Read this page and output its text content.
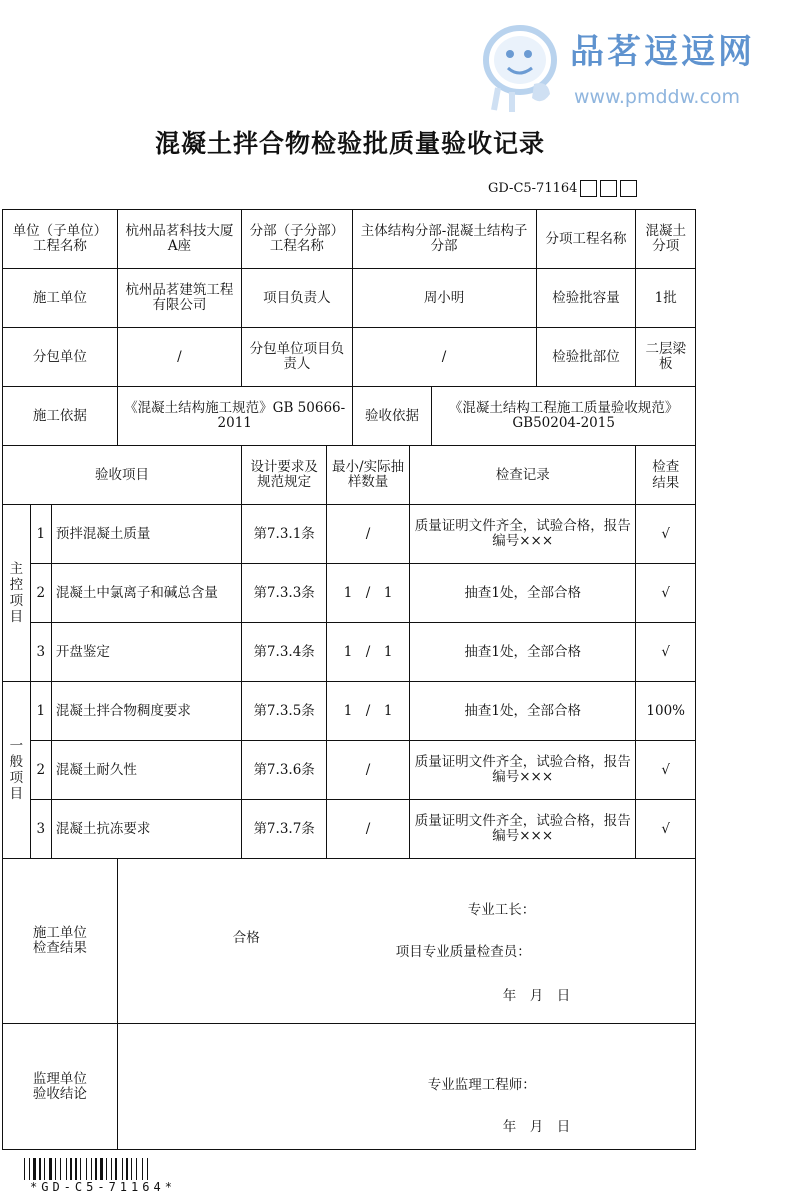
品茗逗逗网
www.pmddw.com
混凝土拌合物检验批质量验收记录
GD-C5-71164
单位（子单位）工程名称			杭州品茗科技大厦A座	分部（子分部）工程名称		主体结构分部-混凝土结构子分部			分项工程名称	混凝土分项
施工单位			杭州品茗建筑工程有限公司	项目负责人		周小明			检验批容量	1批
分包单位			/	分包单位项目负责人		/			检验批部位	二层梁板
施工依据			《混凝土结构施工规范》GB 50666-2011			验收依据		《混凝土结构工程施工质量验收规范》GB50204-2015		
验收项目				设计要求及规范规定	最小/实际抽样数量		检查记录			检查结果
主控项目	1	预拌混凝土质量		第7.3.1条	/		质量证明文件齐全，试验合格，报告编号×××			√
	2	混凝土中氯离子和碱总含量		第7.3.3条	1　/　1		抽查1处，全部合格			√
	3	开盘鉴定		第7.3.4条	1　/　1		抽查1处，全部合格			√
一般项目	1	混凝土拌合物稠度要求		第7.3.5条	1　/　1		抽查1处，全部合格			100%
	2	混凝土耐久性		第7.3.6条	/		质量证明文件齐全，试验合格，报告编号×××			√
	3	混凝土抗冻要求		第7.3.7条	/		质量证明文件齐全，试验合格，报告编号×××			√
施工单位检查结果			合格
专业工长：
项目专业质量检查员：
年　月　日							

监理单位验收结论			专业监理工程师：
年　月　日							
*GD-C5-71164*
